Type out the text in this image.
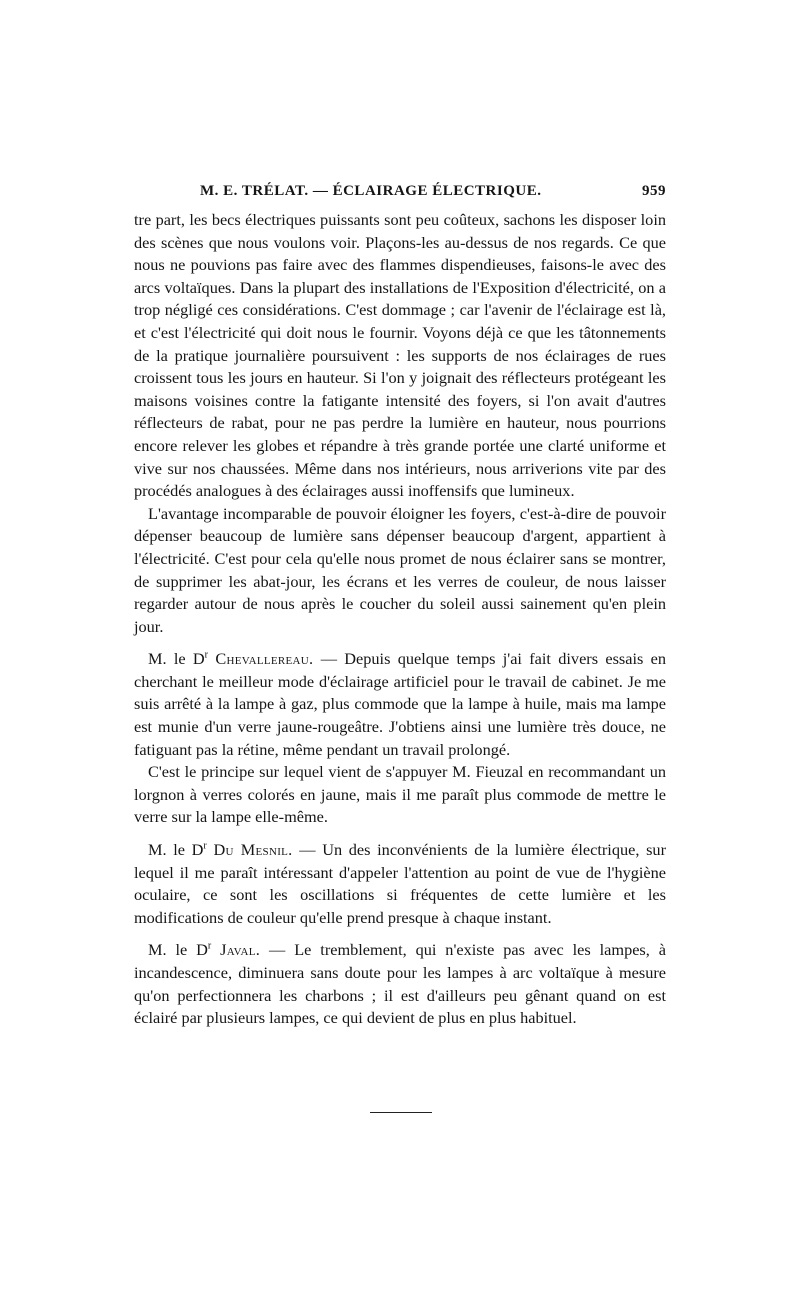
M. E. TRÉLAT. — ÉCLAIRAGE ÉLECTRIQUE.	959

tre part, les becs électriques puissants sont peu coûteux, sachons les disposer loin des scènes que nous voulons voir. Plaçons-les au-dessus de nos regards. Ce que nous ne pouvions pas faire avec des flammes dispendieuses, faisons-le avec des arcs voltaïques. Dans la plupart des installations de l'Exposition d'électricité, on a trop négligé ces considérations. C'est dommage ; car l'avenir de l'éclairage est là, et c'est l'électricité qui doit nous le fournir. Voyons déjà ce que les tâtonnements de la pratique journalière poursuivent : les supports de nos éclairages de rues croissent tous les jours en hauteur. Si l'on y joignait des réflecteurs protégeant les maisons voisines contre la fatigante intensité des foyers, si l'on avait d'autres réflecteurs de rabat, pour ne pas perdre la lumière en hauteur, nous pourrions encore relever les globes et répandre à très grande portée une clarté uniforme et vive sur nos chaussées. Même dans nos intérieurs, nous arriverions vite par des procédés analogues à des éclairages aussi inoffensifs que lumineux.

L'avantage incomparable de pouvoir éloigner les foyers, c'est-à-dire de pouvoir dépenser beaucoup de lumière sans dépenser beaucoup d'argent, appartient à l'électricité. C'est pour cela qu'elle nous promet de nous éclairer sans se montrer, de supprimer les abat-jour, les écrans et les verres de couleur, de nous laisser regarder autour de nous après le coucher du soleil aussi sainement qu'en plein jour.

M. le $D^r$ Chevallereau. — Depuis quelque temps j'ai fait divers essais en cherchant le meilleur mode d'éclairage artificiel pour le travail de cabinet. Je me suis arrêté à la lampe à gaz, plus commode que la lampe à huile, mais ma lampe est munie d'un verre jaune-rougeâtre. J'obtiens ainsi une lumière très douce, ne fatiguant pas la rétine, même pendant un travail prolongé.

C'est le principe sur lequel vient de s'appuyer M. Fieuzal en recommandant un lorgnon à verres colorés en jaune, mais il me paraît plus commode de mettre le verre sur la lampe elle-même.

M. le $D^r$ Du Mesnil. — Un des inconvénients de la lumière électrique, sur lequel il me paraît intéressant d'appeler l'attention au point de vue de l'hygiène oculaire, ce sont les oscillations si fréquentes de cette lumière et les modifications de couleur qu'elle prend presque à chaque instant.

M. le $D^r$ Javal. — Le tremblement, qui n'existe pas avec les lampes, à incandescence, diminuera sans doute pour les lampes à arc voltaïque à mesure qu'on perfectionnera les charbons ; il est d'ailleurs peu gênant quand on est éclairé par plusieurs lampes, ce qui devient de plus en plus habituel.
